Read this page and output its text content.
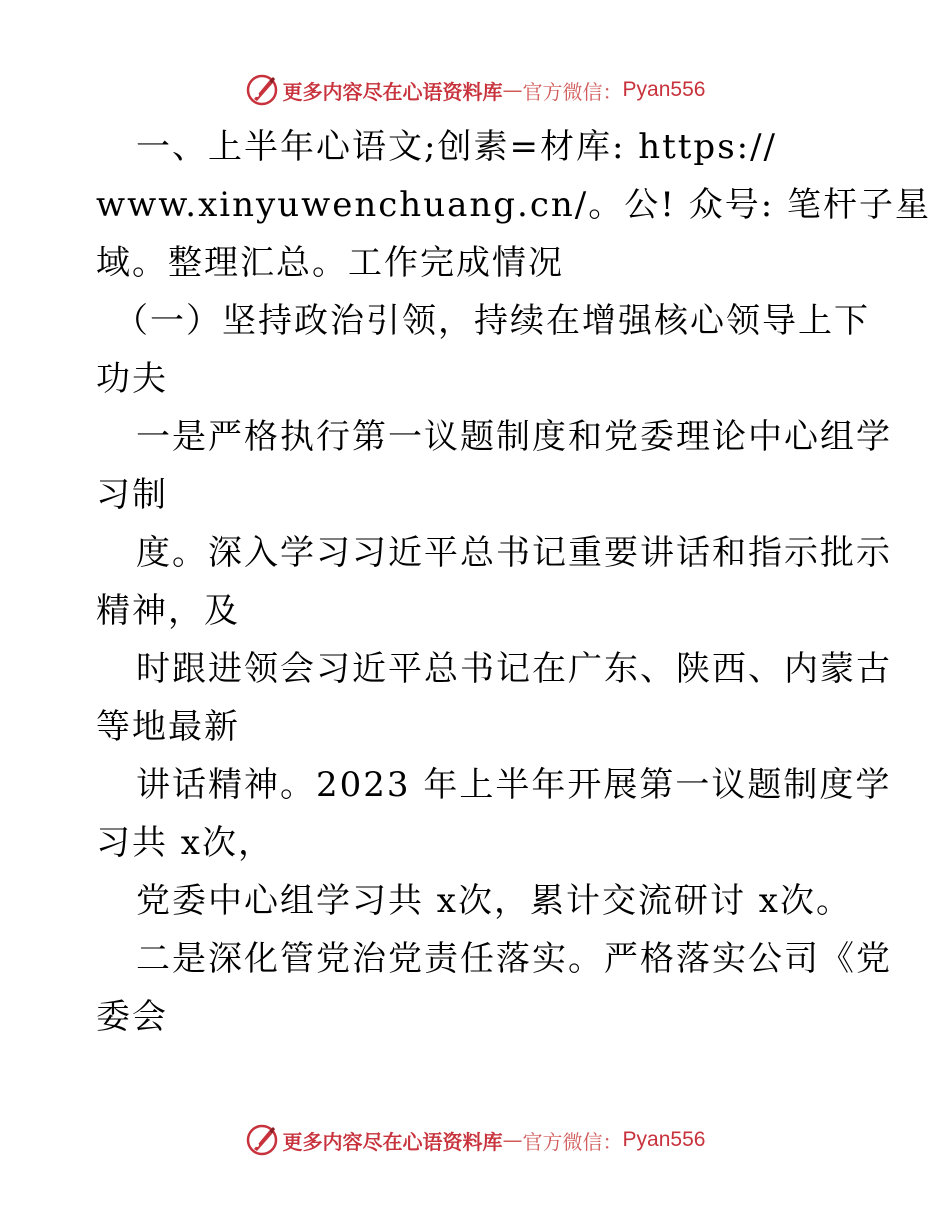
更多内容尽在心语资料库 — 官方微信： Pyan556
一、上半年心语文;创素=材库: https://
www.xinyuwenchuang.cn/。公! 众号: 笔杆子星
域。整理汇总。工作完成情况
（一）坚持政治引领，持续在增强核心领导上下
功夫
一是严格执行第一议题制度和党委理论中心组学
习制
度。深入学习习近平总书记重要讲话和指示批示
精神，及
时跟进领会习近平总书记在广东、陕西、内蒙古
等地最新
讲话精神。2023 年上半年开展第一议题制度学
习共 x次，
党委中心组学习共 x次，累计交流研讨 x次。
二是深化管党治党责任落实。严格落实公司《党
委会
更多内容尽在心语资料库 — 官方微信： Pyan556
